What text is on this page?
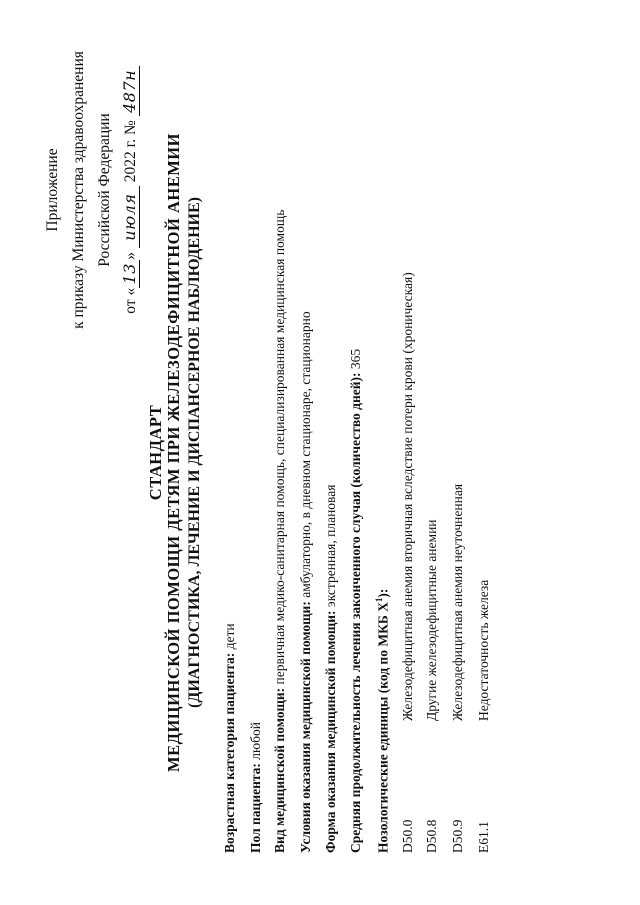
Приложение к приказу Министерства здравоохранения Российской Федерации
от «13» июля 2022 г. № 487н
СТАНДАРТ МЕДИЦИНСКОЙ ПОМОЩИ ДЕТЯМ ПРИ ЖЕЛЕЗОДЕФИЦИТНОЙ АНЕМИИ (ДИАГНОСТИКА, ЛЕЧЕНИЕ И ДИСПАНСЕРНОЕ НАБЛЮДЕНИЕ)
Возрастная категория пациента: дети
Пол пациента: любой Вид медицинской помощи: первичная медико-санитарная помощь, специализированная медицинская помощь
Условия оказания медицинской помощи: амбулаторно, в дневном стационаре, стационарно
Форма оказания медицинской помощи: экстренная, плановая Средняя продолжительность лечения законченного случая (количество дней): 365
Нозологические единицы (код по МКБ $X^1$):
D50.0
Железодефицитная анемия вторичная вследствие потери крови (хроническая)
D50.8
Другие железодефицитные анемии
D50.9
Железодефицитная анемия неуточненная
E61.1
Недостаточность железа
